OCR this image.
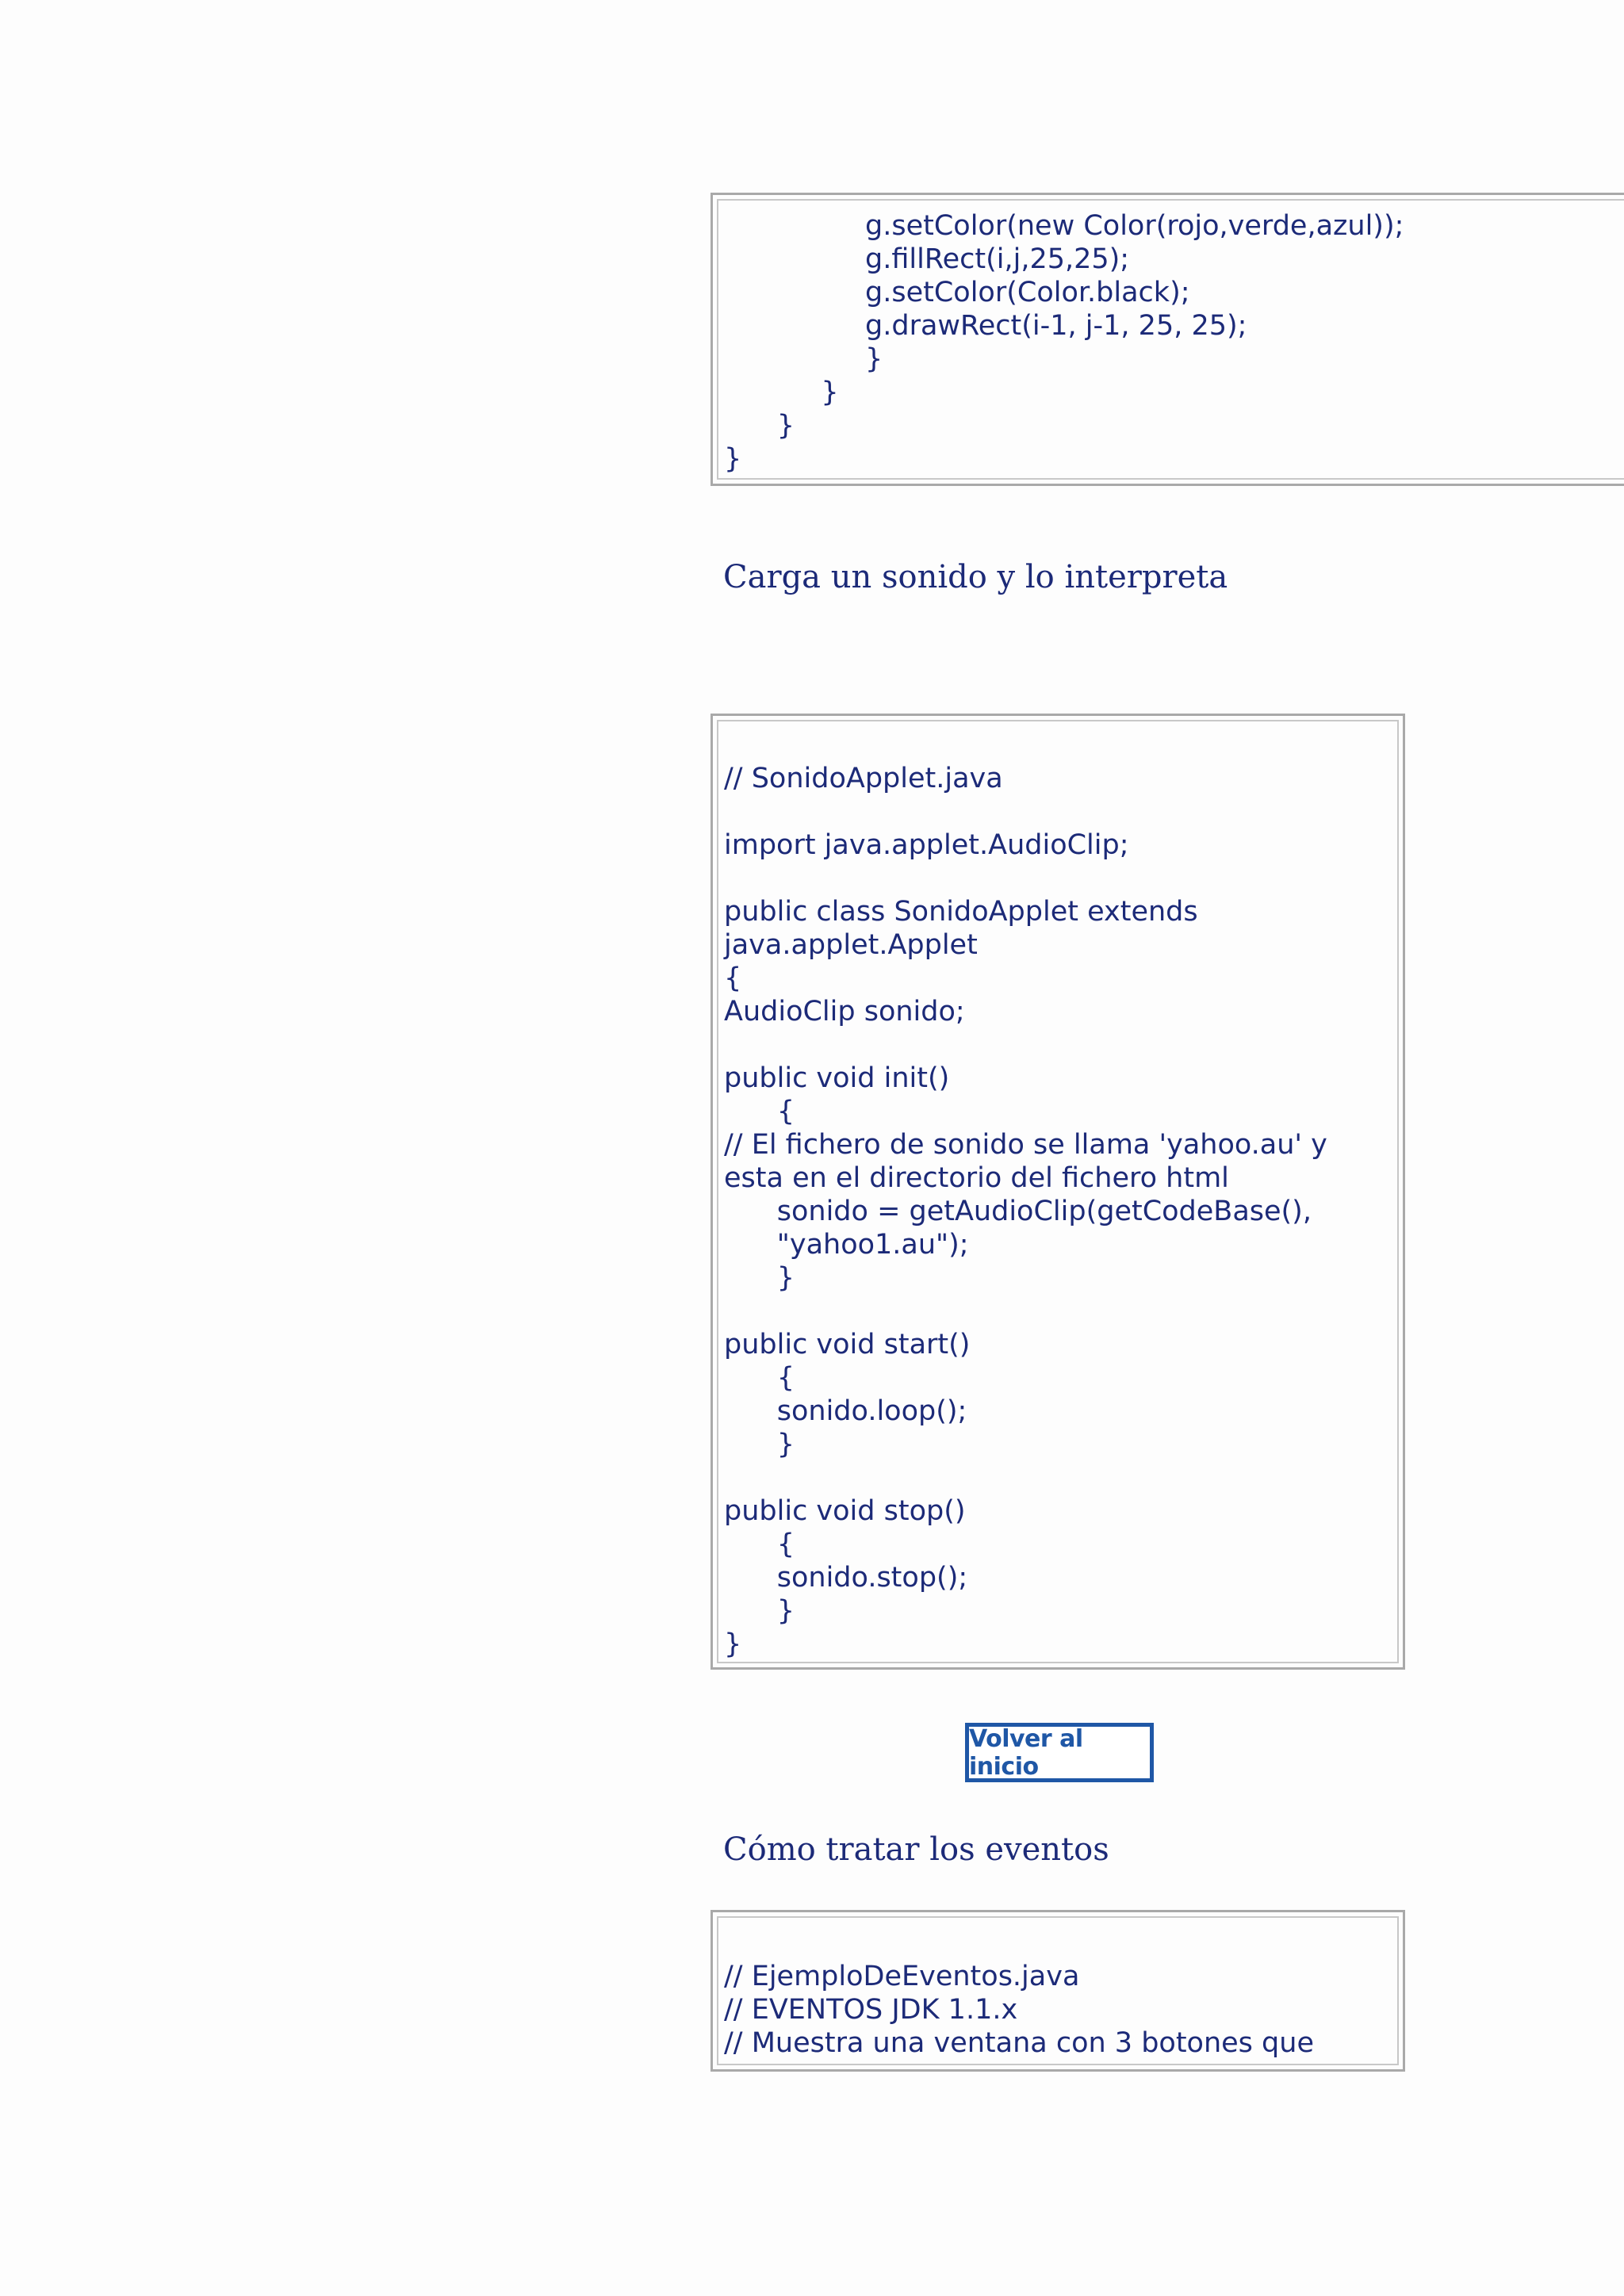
g.setColor(new Color(rojo,verde,azul));
g.fillRect(i,j,25,25);
g.setColor(Color.black);
g.drawRect(i-1, j-1, 25, 25);
}
}
}
}
Carga un sonido y lo interpreta
// SonidoApplet.java

import java.applet.AudioClip;

public class SonidoApplet extends
java.applet.Applet
{
AudioClip sonido;

public void init()
{
// El fichero de sonido se llama 'yahoo.au' y
esta en el directorio del fichero html
sonido = getAudioClip(getCodeBase(),
"yahoo1.au");
}

public void start()
{
sonido.loop();
}

public void stop()
{
sonido.stop();
}
}
Volver al inicio
Cómo tratar los eventos
// EjemploDeEventos.java
// EVENTOS JDK 1.1.x
// Muestra una ventana con 3 botones que
